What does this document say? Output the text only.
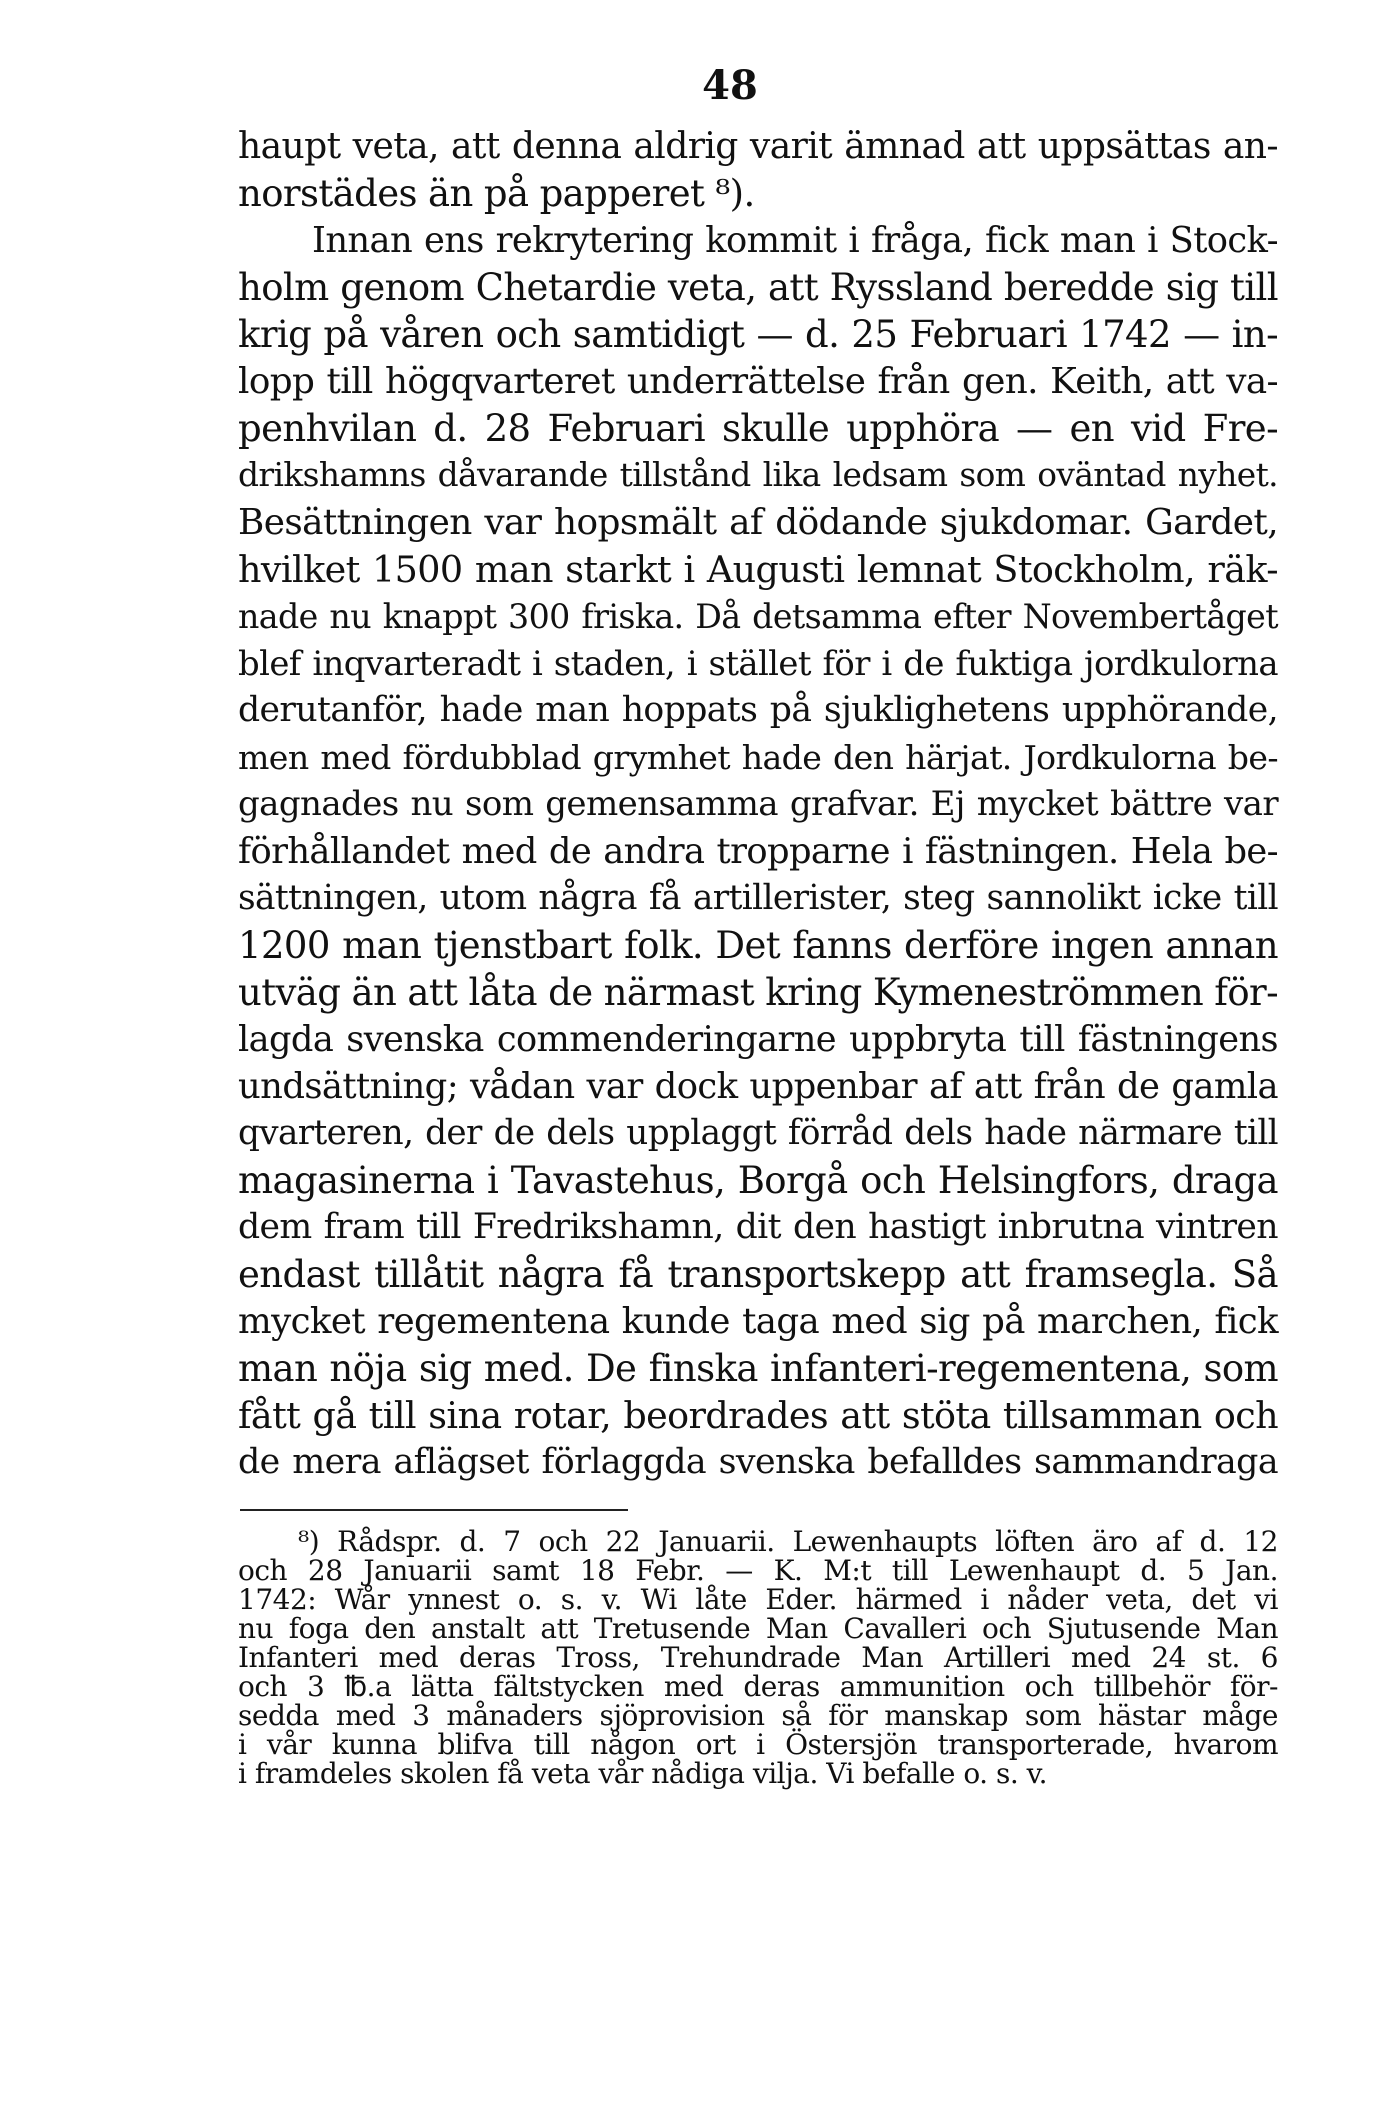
48
haupt veta, att denna aldrig varit ämnad att uppsättas an-
norstädes än på papperet ⁸).
Innan ens rekrytering kommit i fråga, fick man i Stock-
holm genom Chetardie veta, att Ryssland beredde sig till
krig på våren och samtidigt — d. 25 Februari 1742 — in-
lopp till högqvarteret underrättelse från gen. Keith, att va-
penhvilan d. 28 Februari skulle upphöra — en vid Fre-
drikshamns dåvarande tillstånd lika ledsam som oväntad nyhet.
Besättningen var hopsmält af dödande sjukdomar. Gardet,
hvilket 1500 man starkt i Augusti lemnat Stockholm, räk-
nade nu knappt 300 friska. Då detsamma efter Novembertåget
blef inqvarteradt i staden, i stället för i de fuktiga jordkulorna
derutanför, hade man hoppats på sjuklighetens upphörande,
men med fördubblad grymhet hade den härjat. Jordkulorna be-
gagnades nu som gemensamma grafvar. Ej mycket bättre var
förhållandet med de andra tropparne i fästningen. Hela be-
sättningen, utom några få artillerister, steg sannolikt icke till
1200 man tjenstbart folk. Det fanns derföre ingen annan
utväg än att låta de närmast kring Kymeneströmmen för-
lagda svenska commenderingarne uppbryta till fästningens
undsättning; vådan var dock uppenbar af att från de gamla
qvarteren, der de dels upplaggt förråd dels hade närmare till
magasinerna i Tavastehus, Borgå och Helsingfors, draga
dem fram till Fredrikshamn, dit den hastigt inbrutna vintren
endast tillåtit några få transportskepp att framsegla. Så
mycket regementena kunde taga med sig på marchen, fick
man nöja sig med. De finska infanteri-regementena, som
fått gå till sina rotar, beordrades att stöta tillsamman och
de mera aflägset förlaggda svenska befalldes sammandraga
⁸) Rådspr. d. 7 och 22 Januarii. Lewenhaupts löften äro af d. 12
och 28 Januarii samt 18 Febr. — K. M:t till Lewenhaupt d. 5 Jan.
1742: Wår ynnest o. s. v. Wi låte Eder. härmed i nåder veta, det vi
nu foga den anstalt att Tretusende Man Cavalleri och Sjutusende Man
Infanteri med deras Tross, Trehundrade Man Artilleri med 24 st. 6
och 3 ℔.a lätta fältstycken med deras ammunition och tillbehör för-
sedda med 3 månaders sjöprovision så för manskap som hästar måge
i vår kunna blifva till någon ort i Östersjön transporterade, hvarom
i framdeles skolen få veta vår nådiga vilja. Vi befalle o. s. v.
